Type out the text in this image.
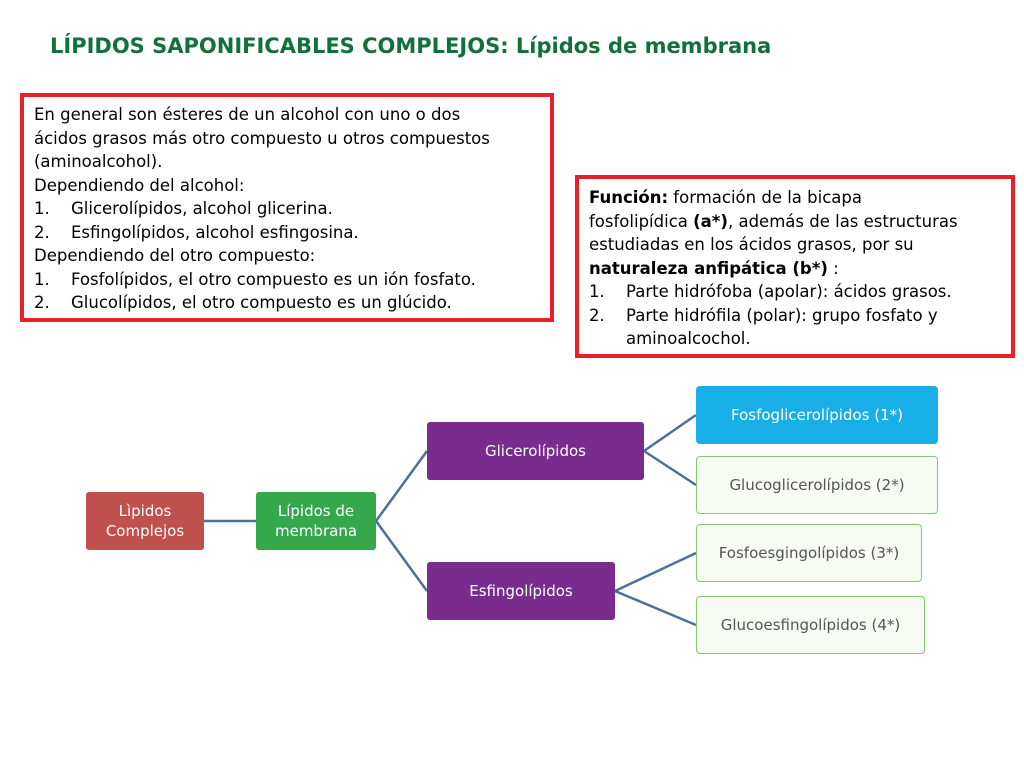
LÍPIDOS SAPONIFICABLES COMPLEJOS: Lípidos de membrana
En general son ésteres de un alcohol con uno o dos
ácidos grasos más otro compuesto u otros compuestos
(aminoalcohol).
Dependiendo del alcohol:
1. Glicerolípidos, alcohol glicerina.
2. Esfingolípidos, alcohol esfingosina.
Dependiendo del otro compuesto:
1. Fosfolípidos, el otro compuesto es un ión fosfato.
2. Glucolípidos, el otro compuesto es un glúcido.
Función: formación de la bicapa
fosfolipídica (a*), además de las estructuras
estudiadas en los ácidos grasos, por su
naturaleza anfipática (b*) :
1. Parte hidrófoba (apolar): ácidos grasos.
2. Parte hidrófila (polar): grupo fosfato y aminoalcochol.
Lìpidos Complejos
Lípidos de membrana
Glicerolípidos
Esfingolípidos
Fosfoglicerolípidos (1*)
Glucoglicerolípidos (2*)
Fosfoesgingolípidos (3*)
Glucoesfingolípidos (4*)
